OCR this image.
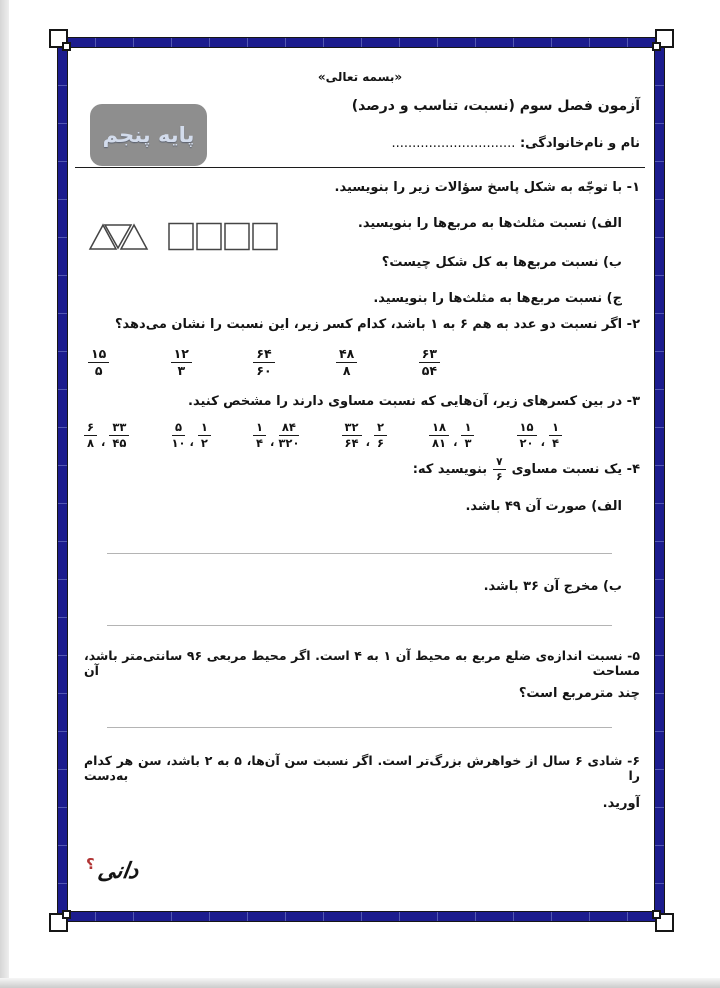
«بسمه تعالی»
آزمون فصل سوم (نسبت، تناسب و درصد)
پایه پنجم	نام و نام‌خانوادگی: ..............................
۱- با توجّه به شکل پاسخ سؤالات زیر را بنویسید.
الف) نسبت مثلث‌ها به مربع‌ها را بنویسید.
ب) نسبت مربع‌ها به کل شکل چیست؟
ج) نسبت مربع‌ها به مثلث‌ها را بنویسید.
۲- اگر نسبت دو عدد به هم ۶ به ۱ باشد، کدام کسر زیر، این نسبت را نشان می‌دهد؟
$\frac{۱۵}{۵}$	$\frac{۱۲}{۳}$	$\frac{۶۴}{۶۰}$	$\frac{۴۸}{۸}$	$\frac{۶۳}{۵۴}$
۳- در بین کسرهای زیر، آن‌هایی که نسبت مساوی دارند را مشخص کنید.
$\frac{۶}{۸}$ ، $\frac{۳۳}{۴۵}$	$\frac{۵}{۱۰}$ ، $\frac{۱}{۲}$	$\frac{۱}{۴}$ ، $\frac{۸۴}{۳۲۰}$	$\frac{۳۲}{۶۴}$ ، $\frac{۲}{۶}$	$\frac{۱۸}{۸۱}$ ، $\frac{۱}{۳}$	$\frac{۱۵}{۲۰}$ ، $\frac{۱}{۴}$
۴- یک نسبت مساوی
$\frac{۷}{۶}$
بنویسید که:
الف) صورت آن ۴۹ باشد.
ب) مخرج آن ۳۶ باشد.
۵- نسبت اندازه‌ی ضلع مربع به محیط آن ۱ به ۴ است. اگر محیط مربعی ۹۶ سانتی‌متر باشد، مساحت آن
چند مترمربع است؟
۶- شادی ۶ سال از خواهرش بزرگ‌تر است. اگر نسبت سن آن‌ها، ۵ به ۲ باشد، سن هر کدام را به‌دست
آورید.
دانی
؟
